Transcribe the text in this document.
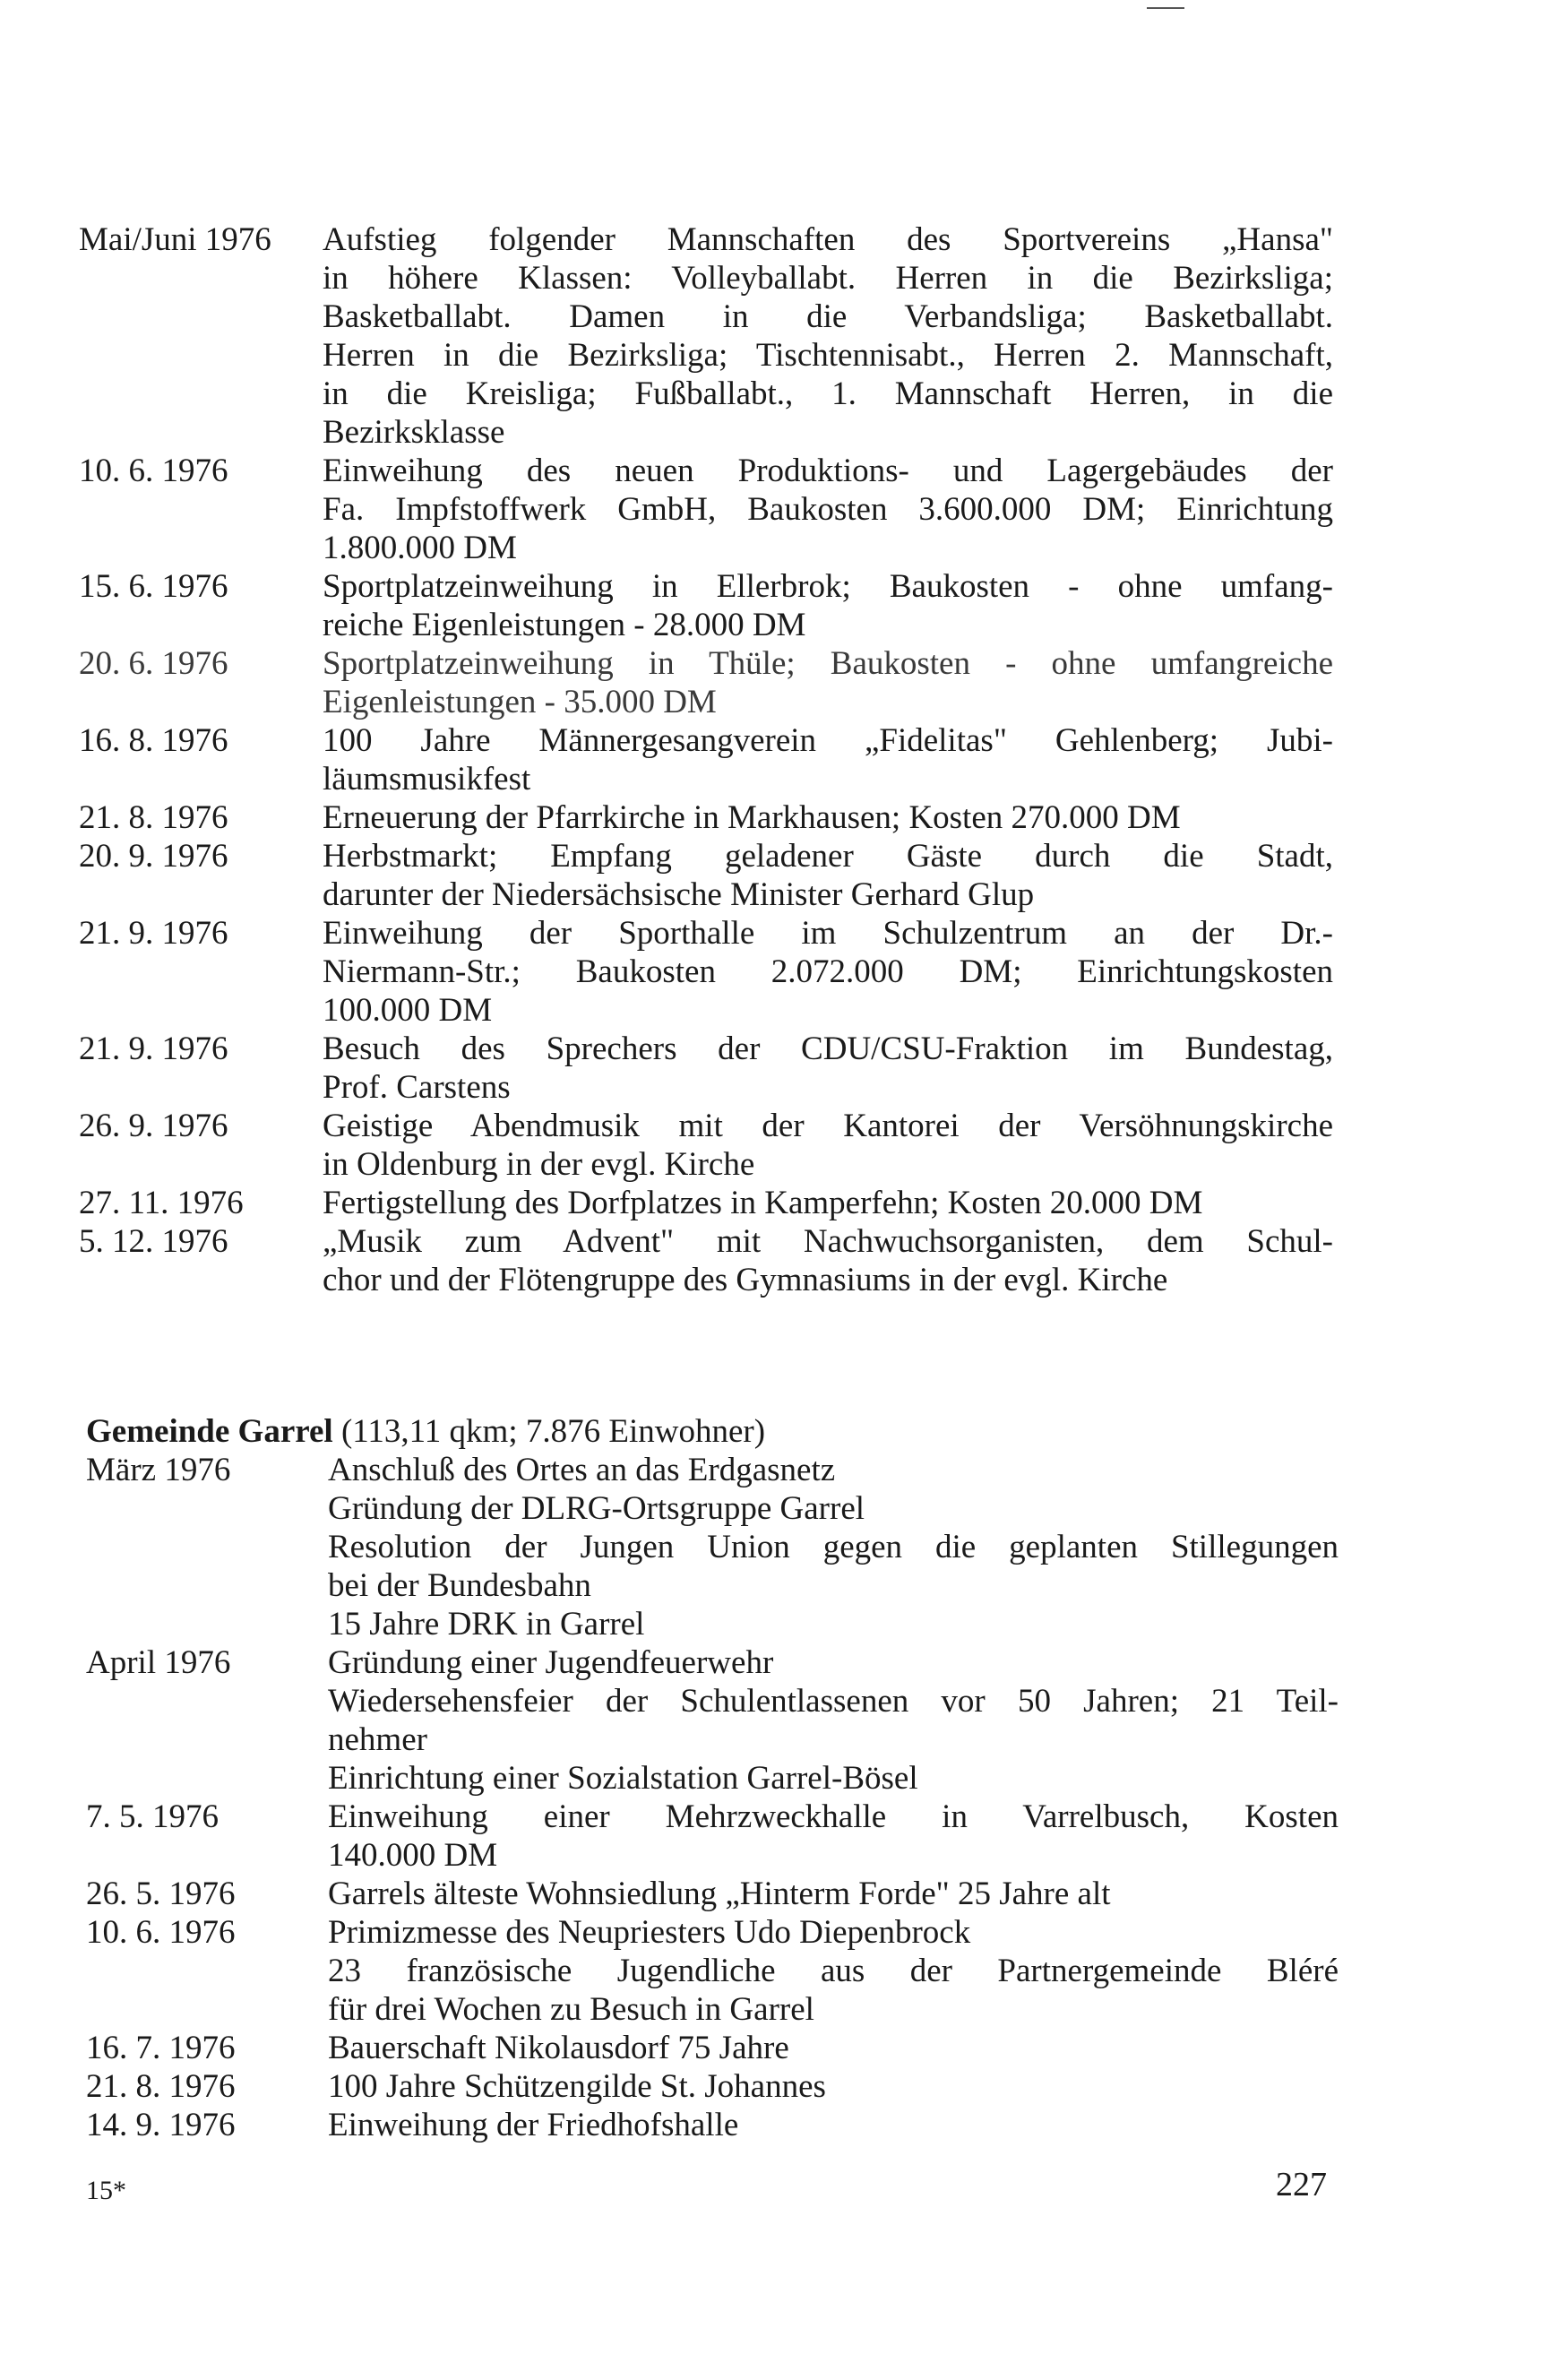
Mai/Juni 1976	Aufstieg folgender Mannschaften des Sportvereins „Hansa"
in höhere Klassen: Volleyballabt. Herren in die Bezirksliga;
Basketballabt. Damen in die Verbandsliga; Basketballabt.
Herren in die Bezirksliga; Tischtennisabt., Herren 2. Mannschaft,
in die Kreisliga; Fußballabt., 1. Mannschaft Herren, in die
Bezirksklasse
10. 6. 1976	Einweihung des neuen Produktions- und Lagergebäudes der
Fa. Impfstoffwerk GmbH, Baukosten 3.600.000 DM; Einrichtung
1.800.000 DM
15. 6. 1976	Sportplatzeinweihung in Ellerbrok; Baukosten - ohne umfang-
reiche Eigenleistungen - 28.000 DM
20. 6. 1976	Sportplatzeinweihung in Thüle; Baukosten - ohne umfangreiche
Eigenleistungen - 35.000 DM
16. 8. 1976	100 Jahre Männergesangverein „Fidelitas" Gehlenberg; Jubi-
läumsmusikfest
21. 8. 1976	Erneuerung der Pfarrkirche in Markhausen; Kosten 270.000 DM
20. 9. 1976	Herbstmarkt; Empfang geladener Gäste durch die Stadt,
darunter der Niedersächsische Minister Gerhard Glup
21. 9. 1976	Einweihung der Sporthalle im Schulzentrum an der Dr.-
Niermann-Str.; Baukosten 2.072.000 DM; Einrichtungskosten
100.000 DM
21. 9. 1976	Besuch des Sprechers der CDU/CSU-Fraktion im Bundestag,
Prof. Carstens
26. 9. 1976	Geistige Abendmusik mit der Kantorei der Versöhnungskirche
in Oldenburg in der evgl. Kirche
27. 11. 1976	Fertigstellung des Dorfplatzes in Kamperfehn; Kosten 20.000 DM
5. 12. 1976	„Musik zum Advent" mit Nachwuchsorganisten, dem Schul-
chor und der Flötengruppe des Gymnasiums in der evgl. Kirche
Gemeinde Garrel (113,11 qkm; 7.876 Einwohner)
März 1976	Anschluß des Ortes an das Erdgasnetz
Gründung der DLRG-Ortsgruppe Garrel
Resolution der Jungen Union gegen die geplanten Stillegungen
bei der Bundesbahn
15 Jahre DRK in Garrel
April 1976	Gründung einer Jugendfeuerwehr
Wiedersehensfeier der Schulentlassenen vor 50 Jahren; 21 Teil-
nehmer
Einrichtung einer Sozialstation Garrel-Bösel
7. 5. 1976	Einweihung einer Mehrzweckhalle in Varrelbusch, Kosten
140.000 DM
26. 5. 1976	Garrels älteste Wohnsiedlung „Hinterm Forde" 25 Jahre alt
10. 6. 1976	Primizmesse des Neupriesters Udo Diepenbrock
23 französische Jugendliche aus der Partnergemeinde Bléré
für drei Wochen zu Besuch in Garrel
16. 7. 1976	Bauerschaft Nikolausdorf 75 Jahre
21. 8. 1976	100 Jahre Schützengilde St. Johannes
14. 9. 1976	Einweihung der Friedhofshalle
15*	227
